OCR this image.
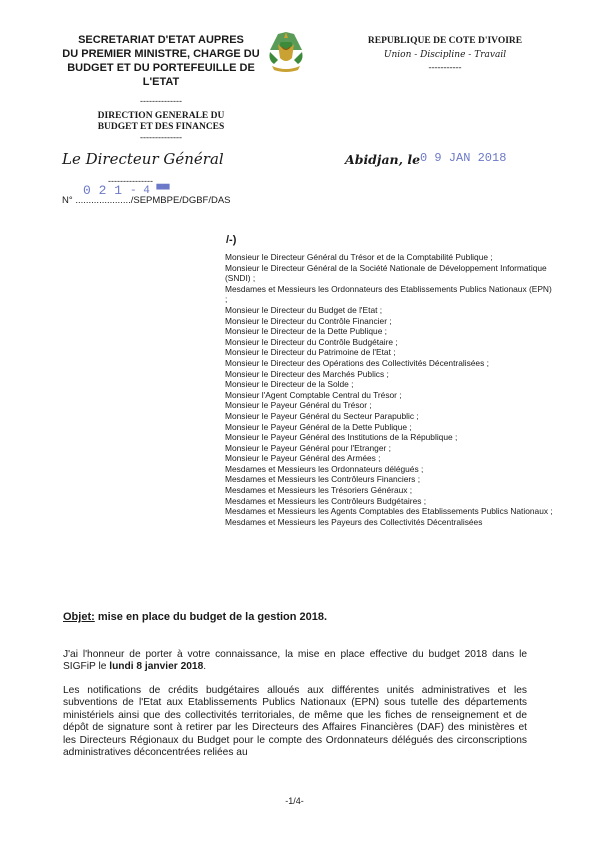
SECRETARIAT D'ETAT AUPRES
DU PREMIER MINISTRE, CHARGE DU
BUDGET ET DU PORTEFEUILLE DE
L'ETAT
--------------
DIRECTION GENERALE DU
BUDGET ET DES FINANCES
--------------
REPUBLIQUE DE COTE D'IVOIRE
Union - Discipline - Travail
-----------
Le Directeur Général
---------------
N° ...................../SEPMBPE/DGBF/DAS
0 2 1 - 4 ▀▀
Abidjan, le 0 9 JAN 2018
/-)
Monsieur le Directeur Général du Trésor et de la Comptabilité Publique ;
Monsieur le Directeur Général de la Société Nationale de Développement Informatique (SNDI) ;
Mesdames et Messieurs les Ordonnateurs des Etablissements Publics Nationaux (EPN) ;
Monsieur le Directeur du Budget de l'Etat ;
Monsieur le Directeur du Contrôle Financier ;
Monsieur le Directeur de la Dette Publique ;
Monsieur le Directeur du Contrôle Budgétaire ;
Monsieur le Directeur du Patrimoine de l'Etat ;
Monsieur le Directeur des Opérations des Collectivités Décentralisées ;
Monsieur le Directeur des Marchés Publics ;
Monsieur le Directeur de la Solde ;
Monsieur l'Agent Comptable Central du Trésor ;
Monsieur le Payeur Général du Trésor ;
Monsieur le Payeur Général du Secteur Parapublic ;
Monsieur le Payeur Général de la Dette Publique ;
Monsieur le Payeur Général des Institutions de la République ;
Monsieur le Payeur Général pour l'Etranger ;
Monsieur le Payeur Général des Armées ;
Mesdames et Messieurs les Ordonnateurs délégués ;
Mesdames et Messieurs les Contrôleurs Financiers ;
Mesdames et Messieurs les Trésoriers Généraux ;
Mesdames et Messieurs les Contrôleurs Budgétaires ;
Mesdames et Messieurs les Agents Comptables des Etablissements Publics Nationaux ;
Mesdames et Messieurs les Payeurs des Collectivités Décentralisées
Objet: mise en place du budget de la gestion 2018.
J'ai l'honneur de porter à votre connaissance, la mise en place effective du budget 2018 dans le SIGFiP le lundi 8 janvier 2018.
Les notifications de crédits budgétaires alloués aux différentes unités administratives et les subventions de l'Etat aux Etablissements Publics Nationaux (EPN) sous tutelle des départements ministériels ainsi que des collectivités territoriales, de même que les fiches de renseignement et de dépôt de signature sont à retirer par les Directeurs des Affaires Financières (DAF) des ministères et les Directeurs Régionaux du Budget pour le compte des Ordonnateurs délégués des circonscriptions administratives déconcentrées reliées au
-1/4-
